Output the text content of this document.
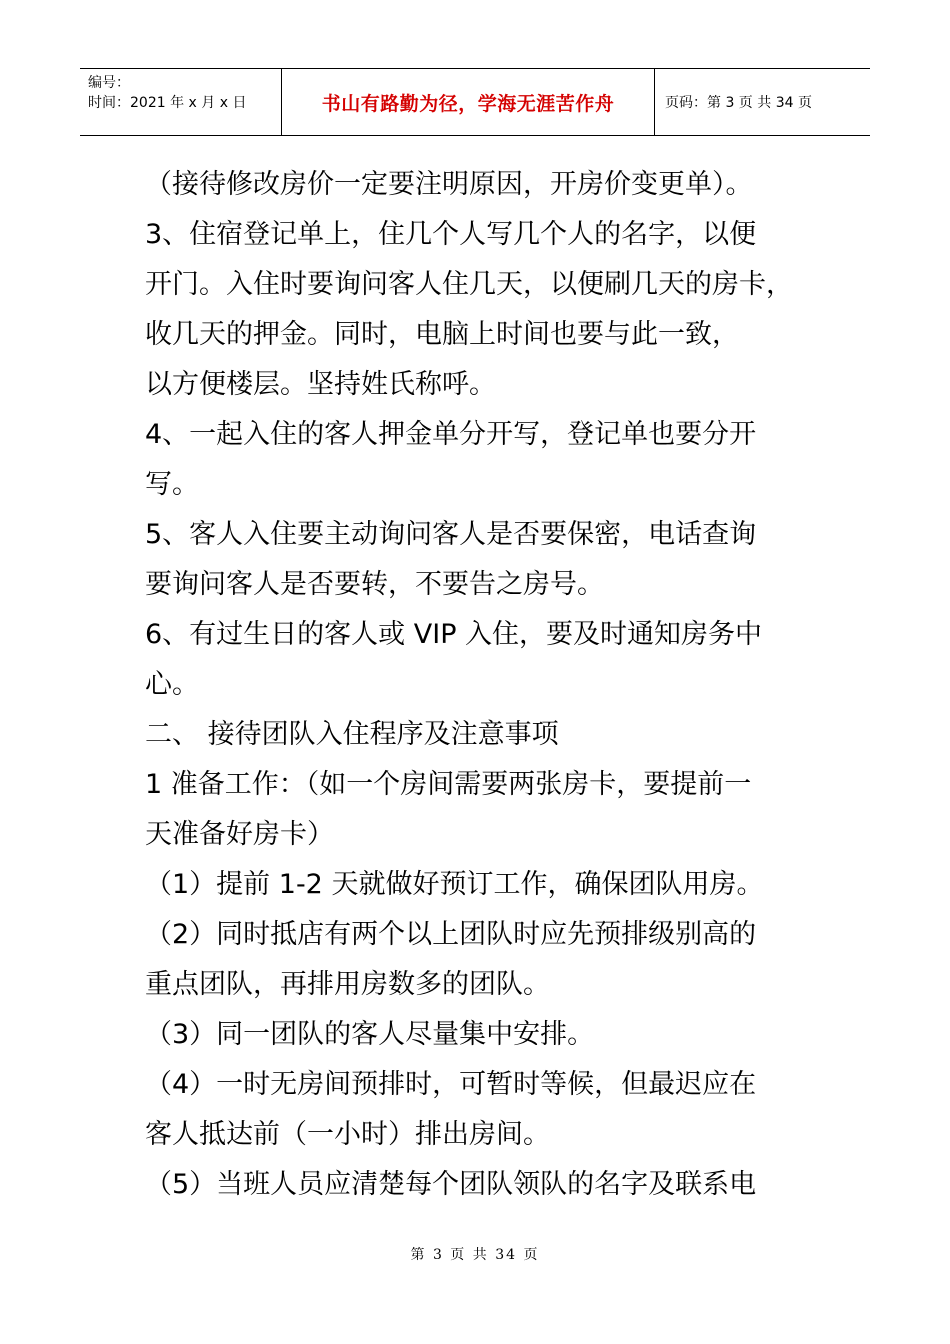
编号：
时间：2021 年 x 月 x 日	书山有路勤为径，学海无涯苦作舟	页码：第 3 页 共 34 页
（接待修改房价一定要注明原因，开房价变更单）。
3、住宿登记单上，住几个人写几个人的名字，以便
开门。入住时要询问客人住几天，以便刷几天的房卡，
收几天的押金。同时，电脑上时间也要与此一致，
以方便楼层。坚持姓氏称呼。
4、一起入住的客人押金单分开写，登记单也要分开
写。
5、客人入住要主动询问客人是否要保密，电话查询
要询问客人是否要转，不要告之房号。
6、有过生日的客人或 VIP 入住，要及时通知房务中
心。
二、 接待团队入住程序及注意事项
1 准备工作：（如一个房间需要两张房卡，要提前一
天准备好房卡）
（1）提前 1-2 天就做好预订工作，确保团队用房。
（2）同时抵店有两个以上团队时应先预排级别高的
重点团队，再排用房数多的团队。
（3）同一团队的客人尽量集中安排。
（4）一时无房间预排时，可暂时等候，但最迟应在
客人抵达前（一小时）排出房间。
（5）当班人员应清楚每个团队领队的名字及联系电
第 3 页 共 34 页
